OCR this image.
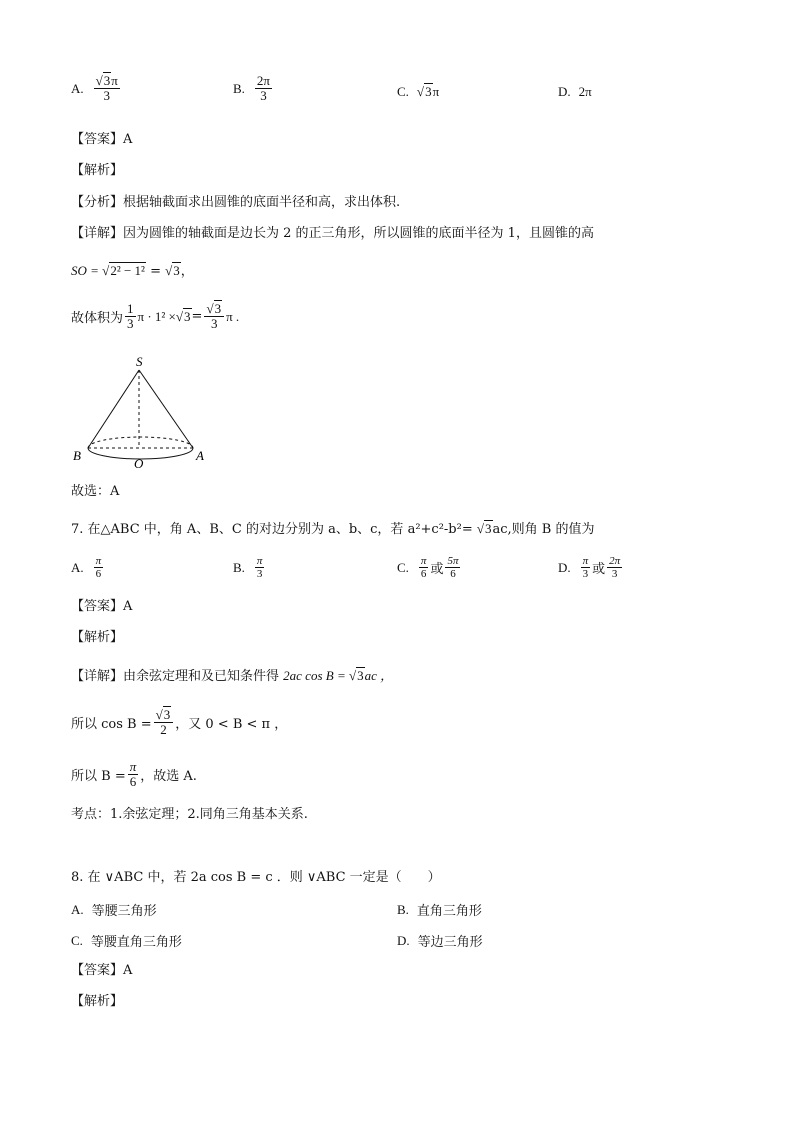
A. $\frac{√3\pi}{3}$	B. $\frac{2\pi}{3}$	C. √3π	D. 2π
【答案】A
【解析】
【分析】根据轴截面求出圆锥的底面半径和高，求出体积.
【详解】因为圆锥的轴截面是边长为 2 的正三角形，所以圆锥的底面半径为 1，且圆锥的高
SO = √2² − 1² = √3，
故体积为 $\frac{1}{3}$ $\pi \cdot 1^2 \times √3 = \frac{√3}{3}$ π .
S
B
O
A
故选：A
7. 在△ABC 中，角 A、B、C 的对边分别为 a、b、c，若 a²+c²-b²= √3ac,则角 B 的值为
A. $\frac{\pi}{6}$	B. $\frac{\pi}{3}$	C. $\frac{\pi}{6}$ 或 $\frac{5\pi}{6}$	D. $\frac{\pi}{3}$ 或 $\frac{2\pi}{3}$
【答案】A
【解析】
【详解】由余弦定理和及已知条件得 2ac cos B = √3ac ，
所以 $\cos B = \frac{√3}{2}$ ，又 0 < B < π ，
所以 $B = \frac{\pi}{6}$ ，故选 A.
考点：1.余弦定理；2.同角三角基本关系.
8. 在 ∨ABC 中，若 2a cos B = c ．则 ∨ABC 一定是（　　）
A. 等腰三角形	B. 直角三角形
C. 等腰直角三角形	D. 等边三角形
【答案】A
【解析】
